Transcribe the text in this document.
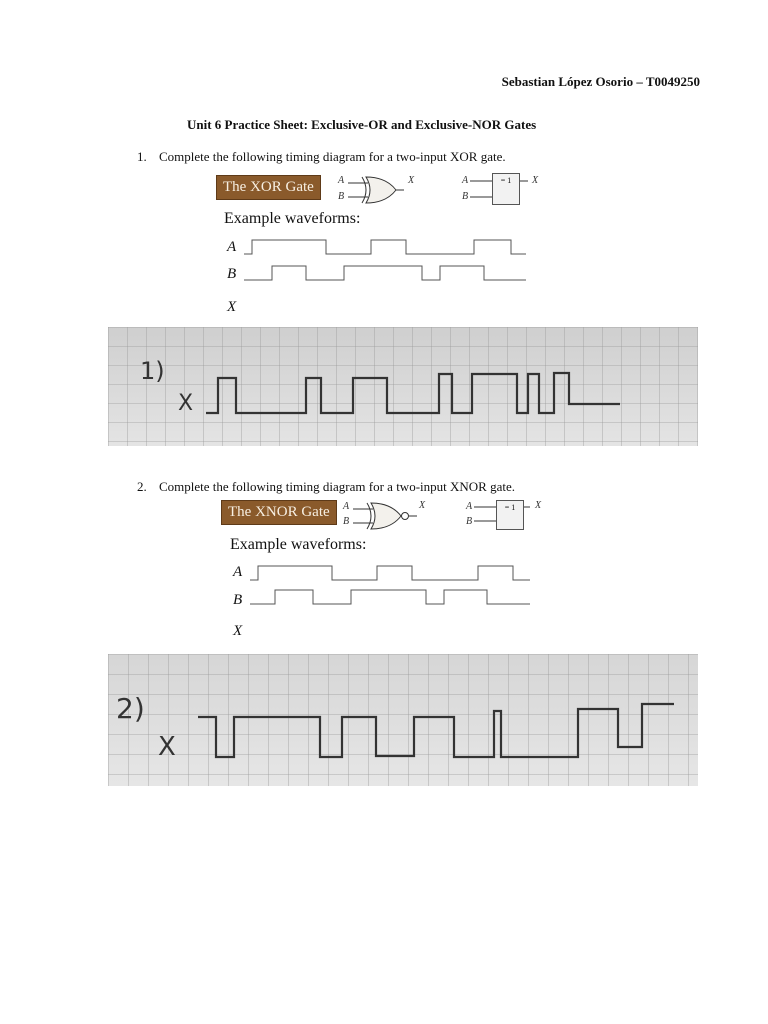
Sebastian López Osorio – T0049250
Unit 6 Practice Sheet: Exclusive-OR and Exclusive-NOR Gates
1. Complete the following timing diagram for a two-input XOR gate.
The XOR Gate	A
B
X	A
B
= 1	X
Example waveforms:
A
B
X
1)
X
2. Complete the following timing diagram for a two-input XNOR gate.
The XNOR Gate	A
B
X	A
B
= 1	X
Example waveforms:
A
B
X
2)
X
